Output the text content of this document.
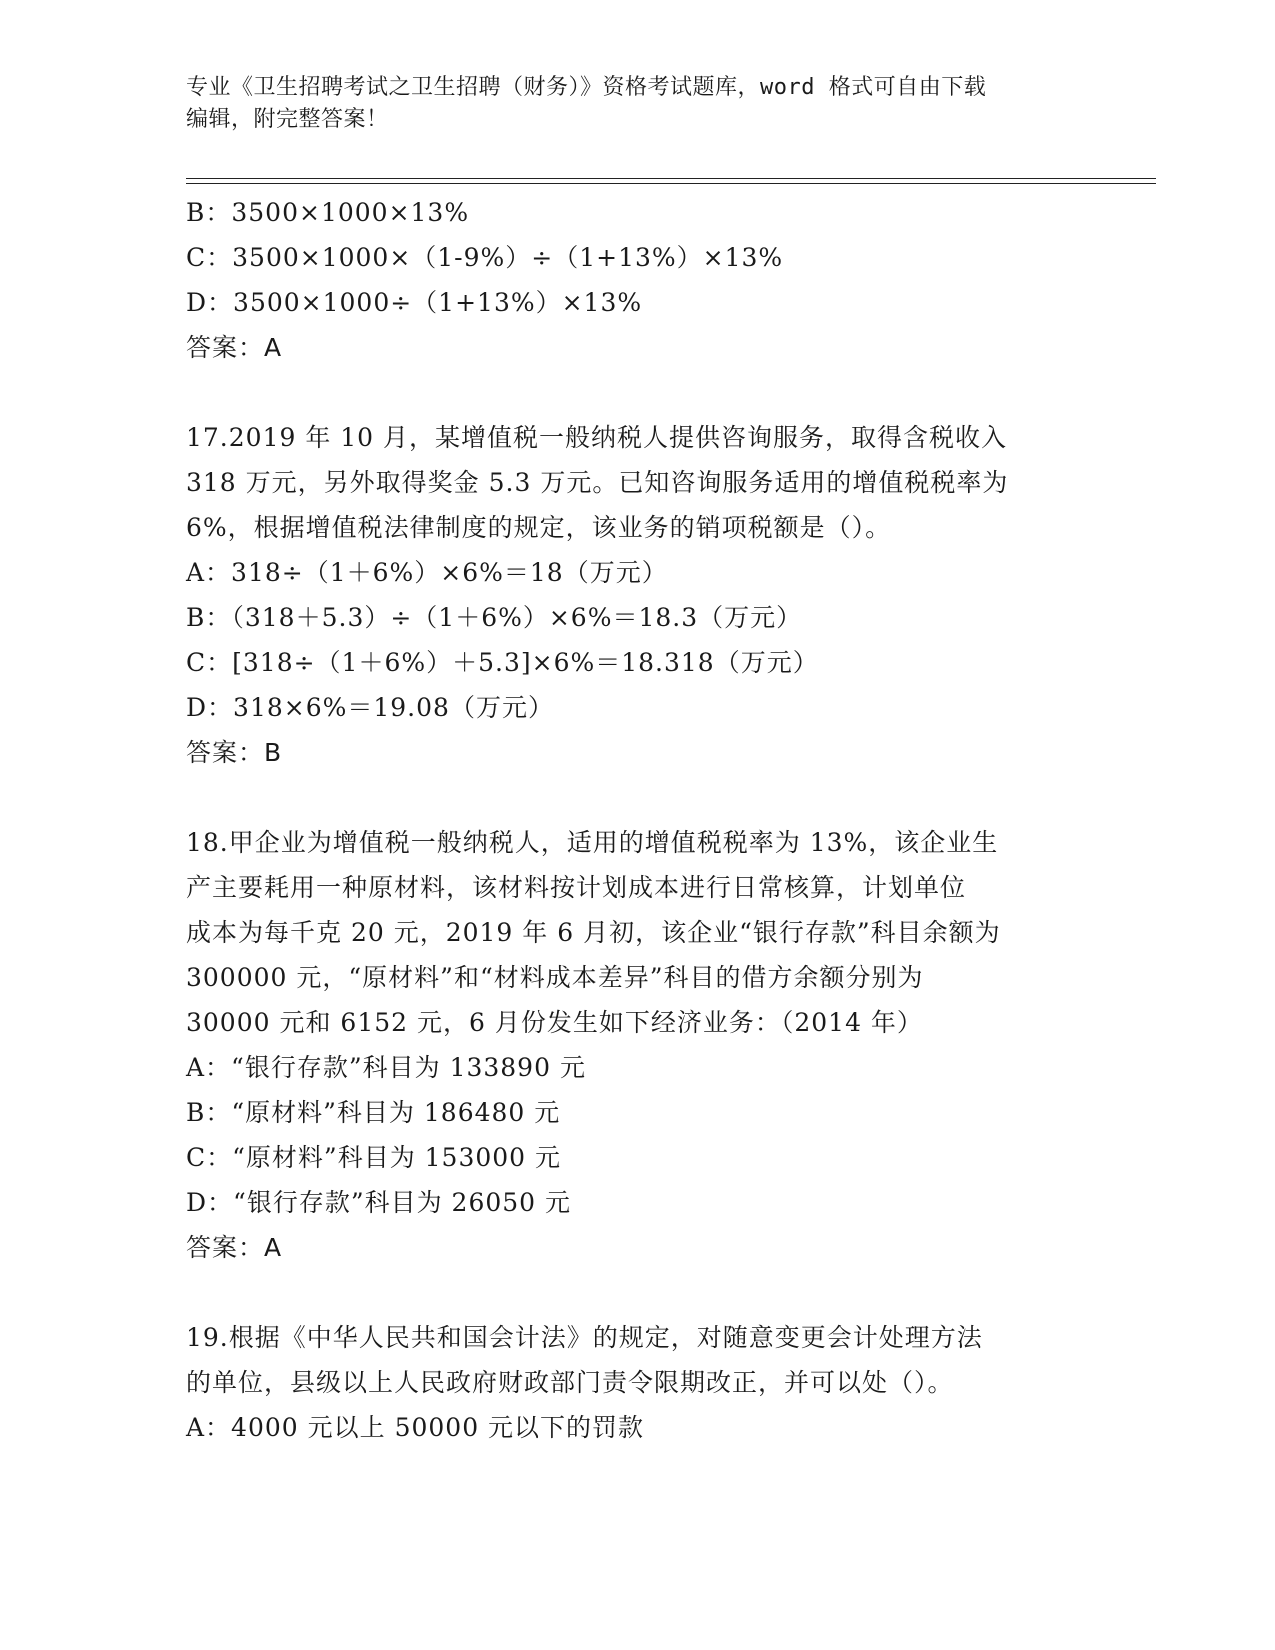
专业《卫生招聘考试之卫生招聘（财务）》资格考试题库，word 格式可自由下载

编辑，附完整答案！

B：3500×1000×13%
C：3500×1000×（1-9%）÷（1+13%）×13%
D：3500×1000÷（1+13%）×13%
答案：A
17.2019 年 10 月，某增值税一般纳税人提供咨询服务，取得含税收入
318 万元，另外取得奖金 5.3 万元。已知咨询服务适用的增值税税率为
6%，根据增值税法律制度的规定，该业务的销项税额是（）。
A：318÷（1＋6%）×6%＝18（万元）
B：（318＋5.3）÷（1＋6%）×6%＝18.3（万元）
C：[318÷（1＋6%）＋5.3]×6%＝18.318（万元）
D：318×6%＝19.08（万元）
答案：B
18.甲企业为增值税一般纳税人，适用的增值税税率为 13%，该企业生
产主要耗用一种原材料，该材料按计划成本进行日常核算，计划单位
成本为每千克 20 元，2019 年 6 月初，该企业“银行存款”科目余额为
300000 元，“原材料”和“材料成本差异”科目的借方余额分别为
30000 元和 6152 元，6 月份发生如下经济业务：（2014 年）
A：“银行存款”科目为 133890 元
B：“原材料”科目为 186480 元
C：“原材料”科目为 153000 元
D：“银行存款”科目为 26050 元
答案：A
19.根据《中华人民共和国会计法》的规定，对随意变更会计处理方法
的单位，县级以上人民政府财政部门责令限期改正，并可以处（）。
A：4000 元以上 50000 元以下的罚款
